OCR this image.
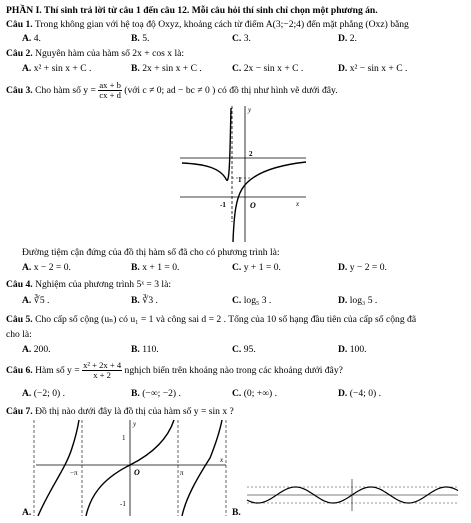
PHẦN I. Thí sinh trả lời từ câu 1 đến câu 12. Mỗi câu hỏi thí sinh chỉ chọn một phương án.
Câu 1. Trong không gian với hệ toạ độ Oxyz, khoảng cách từ điểm A(3;−2;4) đến mặt phẳng (Oxz) bằng
A. 4.	B. 5.	C. 3.	D. 2.
Câu 2. Nguyên hàm của hàm số 2x + cos x là:
A. x² + sin x + C .	B. 2x + sin x + C .	C. 2x − sin x + C .	D. x² − sin x + C .
Câu 3. Cho hàm số $y = \frac{ax + b}{cx + d}$ (với c ≠ 0; ad − bc ≠ 0 ) có đồ thị như hình vẽ dưới đây.
y
x
O
2
1
-1
Đường tiệm cận đứng của đồ thị hàm số đã cho có phương trình là:
A. x − 2 = 0.	B. x + 1 = 0.	C. y + 1 = 0.	D. y − 2 = 0.
Câu 4. Nghiệm của phương trình 5ˣ = 3 là:
A. ∛5 .	B. ∛3 .	C. log₅ 3 .	D. log₃ 5 .
Câu 5. Cho cấp số cộng (uₙ) có u₁ = 1 và công sai d = 2 . Tổng của 10 số hạng đầu tiên của cấp số cộng đã
cho là:
A. 200.	B. 110.	C. 95.	D. 100.
Câu 6. Hàm số $y = \frac{\text{x² + 2x + 4}}{x + 2}$ nghịch biến trên khoảng nào trong các khoảng dưới đây?
A. (−2; 0) .	B. (−∞; −2) .	C. (0; +∞) .	D. (−4; 0) .
Câu 7. Đồ thị nào dưới đây là đồ thị của hàm số y = sin x ?
y
x
O
1
-1
−π	π
A.	B.
